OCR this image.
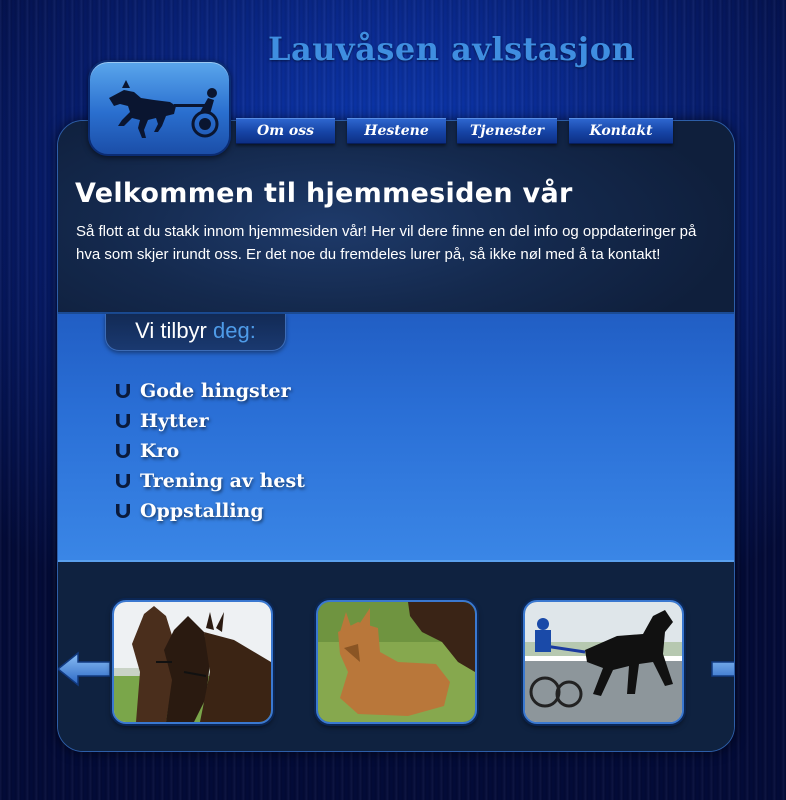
Lauvåsen avlstasjon
Om oss	Hestene	Tjenester	Kontakt
Velkommen til hjemmesiden vår

Så flott at du stakk innom hjemmesiden vår! Her vil dere finne en del info og oppdateringer på hva som skjer irundt oss. Er det noe du fremdeles lurer på, så ikke nøl med å ta kontakt!

Vi tilbyr deg:
Gode hingster
Hytter
Kro
Trening av hest
Oppstalling
